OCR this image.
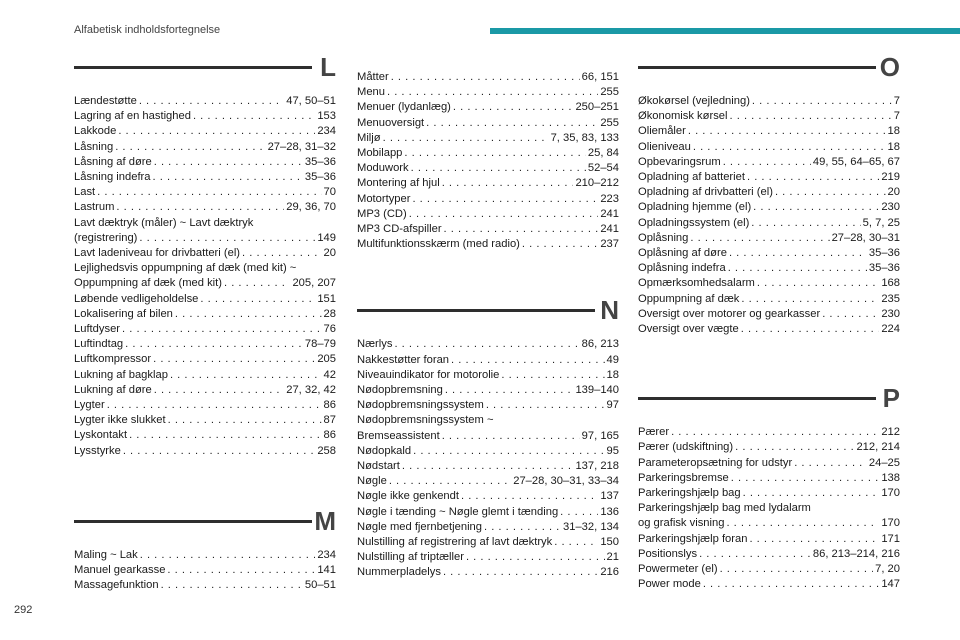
Alfabetisk indholdsfortegnelse
L
Lændestøtte . . .	47, 50–51
Lagring af en hastighed . . .	153
Lakkode . . .	234
Låsning . . .	27–28, 31–32
Låsning af døre . . .	35–36
Låsning indefra . . .	35–36
Last . . .	70
Lastrum . . .	29, 36, 70
Lavt dæktryk (måler) ~ Lavt dæktryk
(registrering) . . .	149
Lavt ladeniveau for drivbatteri (el) . . .	20
Lejlighedsvis oppumpning af dæk (med kit) ~
Oppumpning af dæk (med kit) . . .	205, 207
Løbende vedligeholdelse . . .	151
Lokalisering af bilen . . .	28
Luftdyser . . .	76
Luftindtag . . .	78–79
Luftkompressor . . .	205
Lukning af bagklap . . .	42
Lukning af døre . . .	27, 32, 42
Lygter . . .	86
Lygter ikke slukket . . .	87
Lyskontakt . . .	86
Lysstyrke . . .	258
M
Maling ~ Lak . . .	234
Manuel gearkasse . . .	141
Massagefunktion . . .	50–51
Måtter . . .	66, 151
Menu . . .	255
Menuer (lydanlæg) . . .	250–251
Menuoversigt . . .	255
Miljø . . .	7, 35, 83, 133
Mobilapp . . .	25, 84
Moduwork . . .	52–54
Montering af hjul . . .	210–212
Motortyper . . .	223
MP3 (CD) . . .	241
MP3 CD-afspiller . . .	241
Multifunktionsskærm (med radio) . . .	237
N
Nærlys . . .	86, 213
Nakkestøtter foran . . .	49
Niveauindikator for motorolie . . .	18
Nødopbremsning . . .	139–140
Nødopbremsningssystem . . .	97
Nødopbremsningssystem ~
Bremseassistent . . .	97, 165
Nødopkald . . .	95
Nødstart . . .	137, 218
Nøgle . . .	27–28, 30–31, 33–34
Nøgle ikke genkendt . . .	137
Nøgle i tænding ~ Nøgle glemt i tænding . . .	136
Nøgle med fjernbetjening . . .	31–32, 134
Nulstilling af registrering af lavt dæktryk . . .	150
Nulstilling af triptæller . . .	21
Nummerpladelys . . .	216
O
Økokørsel (vejledning) . . .	7
Økonomisk kørsel . . .	7
Oliemåler . . .	18
Olieniveau . . .	18
Opbevaringsrum . . .	49, 55, 64–65, 67
Opladning af batteriet . . .	219
Opladning af drivbatteri (el) . . .	20
Opladning hjemme (el) . . .	230
Opladningssystem (el) . . .	5, 7, 25
Oplåsning . . .	27–28, 30–31
Oplåsning af døre . . .	35–36
Oplåsning indefra . . .	35–36
Opmærksomhedsalarm . . .	168
Oppumpning af dæk . . .	235
Oversigt over motorer og gearkasser . . .	230
Oversigt over vægte . . .	224
P
Pærer . . .	212
Pærer (udskiftning) . . .	212, 214
Parameteropsætning for udstyr . . .	24–25
Parkeringsbremse . . .	138
Parkeringshjælp bag . . .	170
Parkeringshjælp bag med lydalarm
og grafisk visning . . .	170
Parkeringshjælp foran . . .	171
Positionslys . . .	86, 213–214, 216
Powermeter (el) . . .	7, 20
Power mode . . .	147
292
